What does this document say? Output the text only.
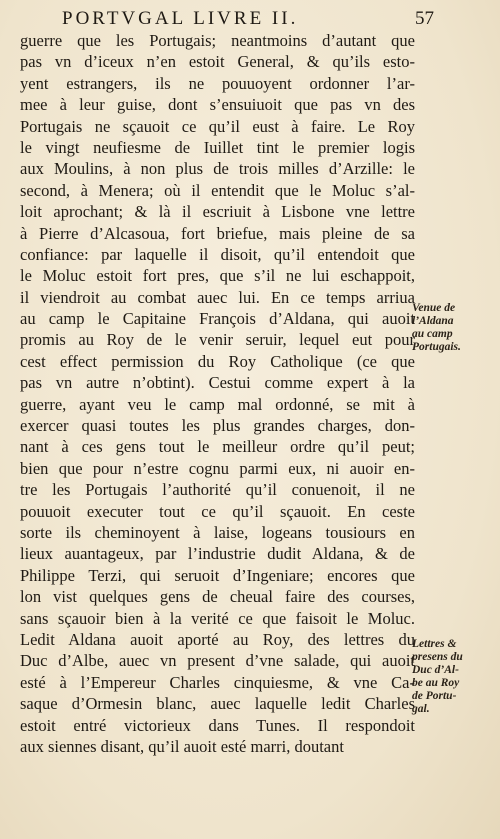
PORTVGAL LIVRE II.	57
guerre que les Portugais; neantmoins d’autant que
pas vn d’iceux n’en estoit General, & qu’ils esto-
yent estrangers, ils ne pouuoyent ordonner l’ar-
mee à leur guise, dont s’ensuiuoit que pas vn des
Portugais ne sçauoit ce qu’il eust à faire. Le Roy
le vingt neufiesme de Iuillet tint le premier logis
aux Moulins, à non plus de trois milles d’Arzille: le
second, à Menera; où il entendit que le Moluc s’al-
loit aprochant; & là il escriuit à Lisbone vne lettre
à Pierre d’Alcasoua, fort briefue, mais pleine de sa
confiance: par laquelle il disoit, qu’il entendoit que
le Moluc estoit fort pres, que s’il ne lui eschappoit,
il viendroit au combat auec lui. En ce temps arriua
au camp le Capitaine François d’Aldana, qui auoit
promis au Roy de le venir seruir, lequel eut pour
cest effect permission du Roy Catholique (ce que
pas vn autre n’obtint). Cestui comme expert à la
guerre, ayant veu le camp mal ordonné, se mit à
exercer quasi toutes les plus grandes charges, don-
nant à ces gens tout le meilleur ordre qu’il peut;
bien que pour n’estre cognu parmi eux, ni auoir en-
tre les Portugais l’authorité qu’il conuenoit, il ne
pouuoit executer tout ce qu’il sçauoit. En ceste
sorte ils cheminoyent à laise, logeans tousiours en
lieux auantageux, par l’industrie dudit Aldana, & de
Philippe Terzi, qui seruoit d’Ingeniare; encores que
lon vist quelques gens de cheual faire des courses,
sans sçauoir bien à la verité ce que faisoit le Moluc.
Ledit Aldana auoit aporté au Roy, des lettres du
Duc d’Albe, auec vn present d’vne salade, qui auoit
esté à l’Empereur Charles cinquiesme, & vne Ca-
saque d’Ormesin blanc, auec laquelle ledit Charles
estoit entré victorieux dans Tunes. Il respondoit
aux siennes disant, qu’il auoit esté marri, doutant
Venue de
l’Aldana
au camp
Portugais.
Lettres &
presens du
Duc d’Al-
be au Roy
de Portu-
gal.
